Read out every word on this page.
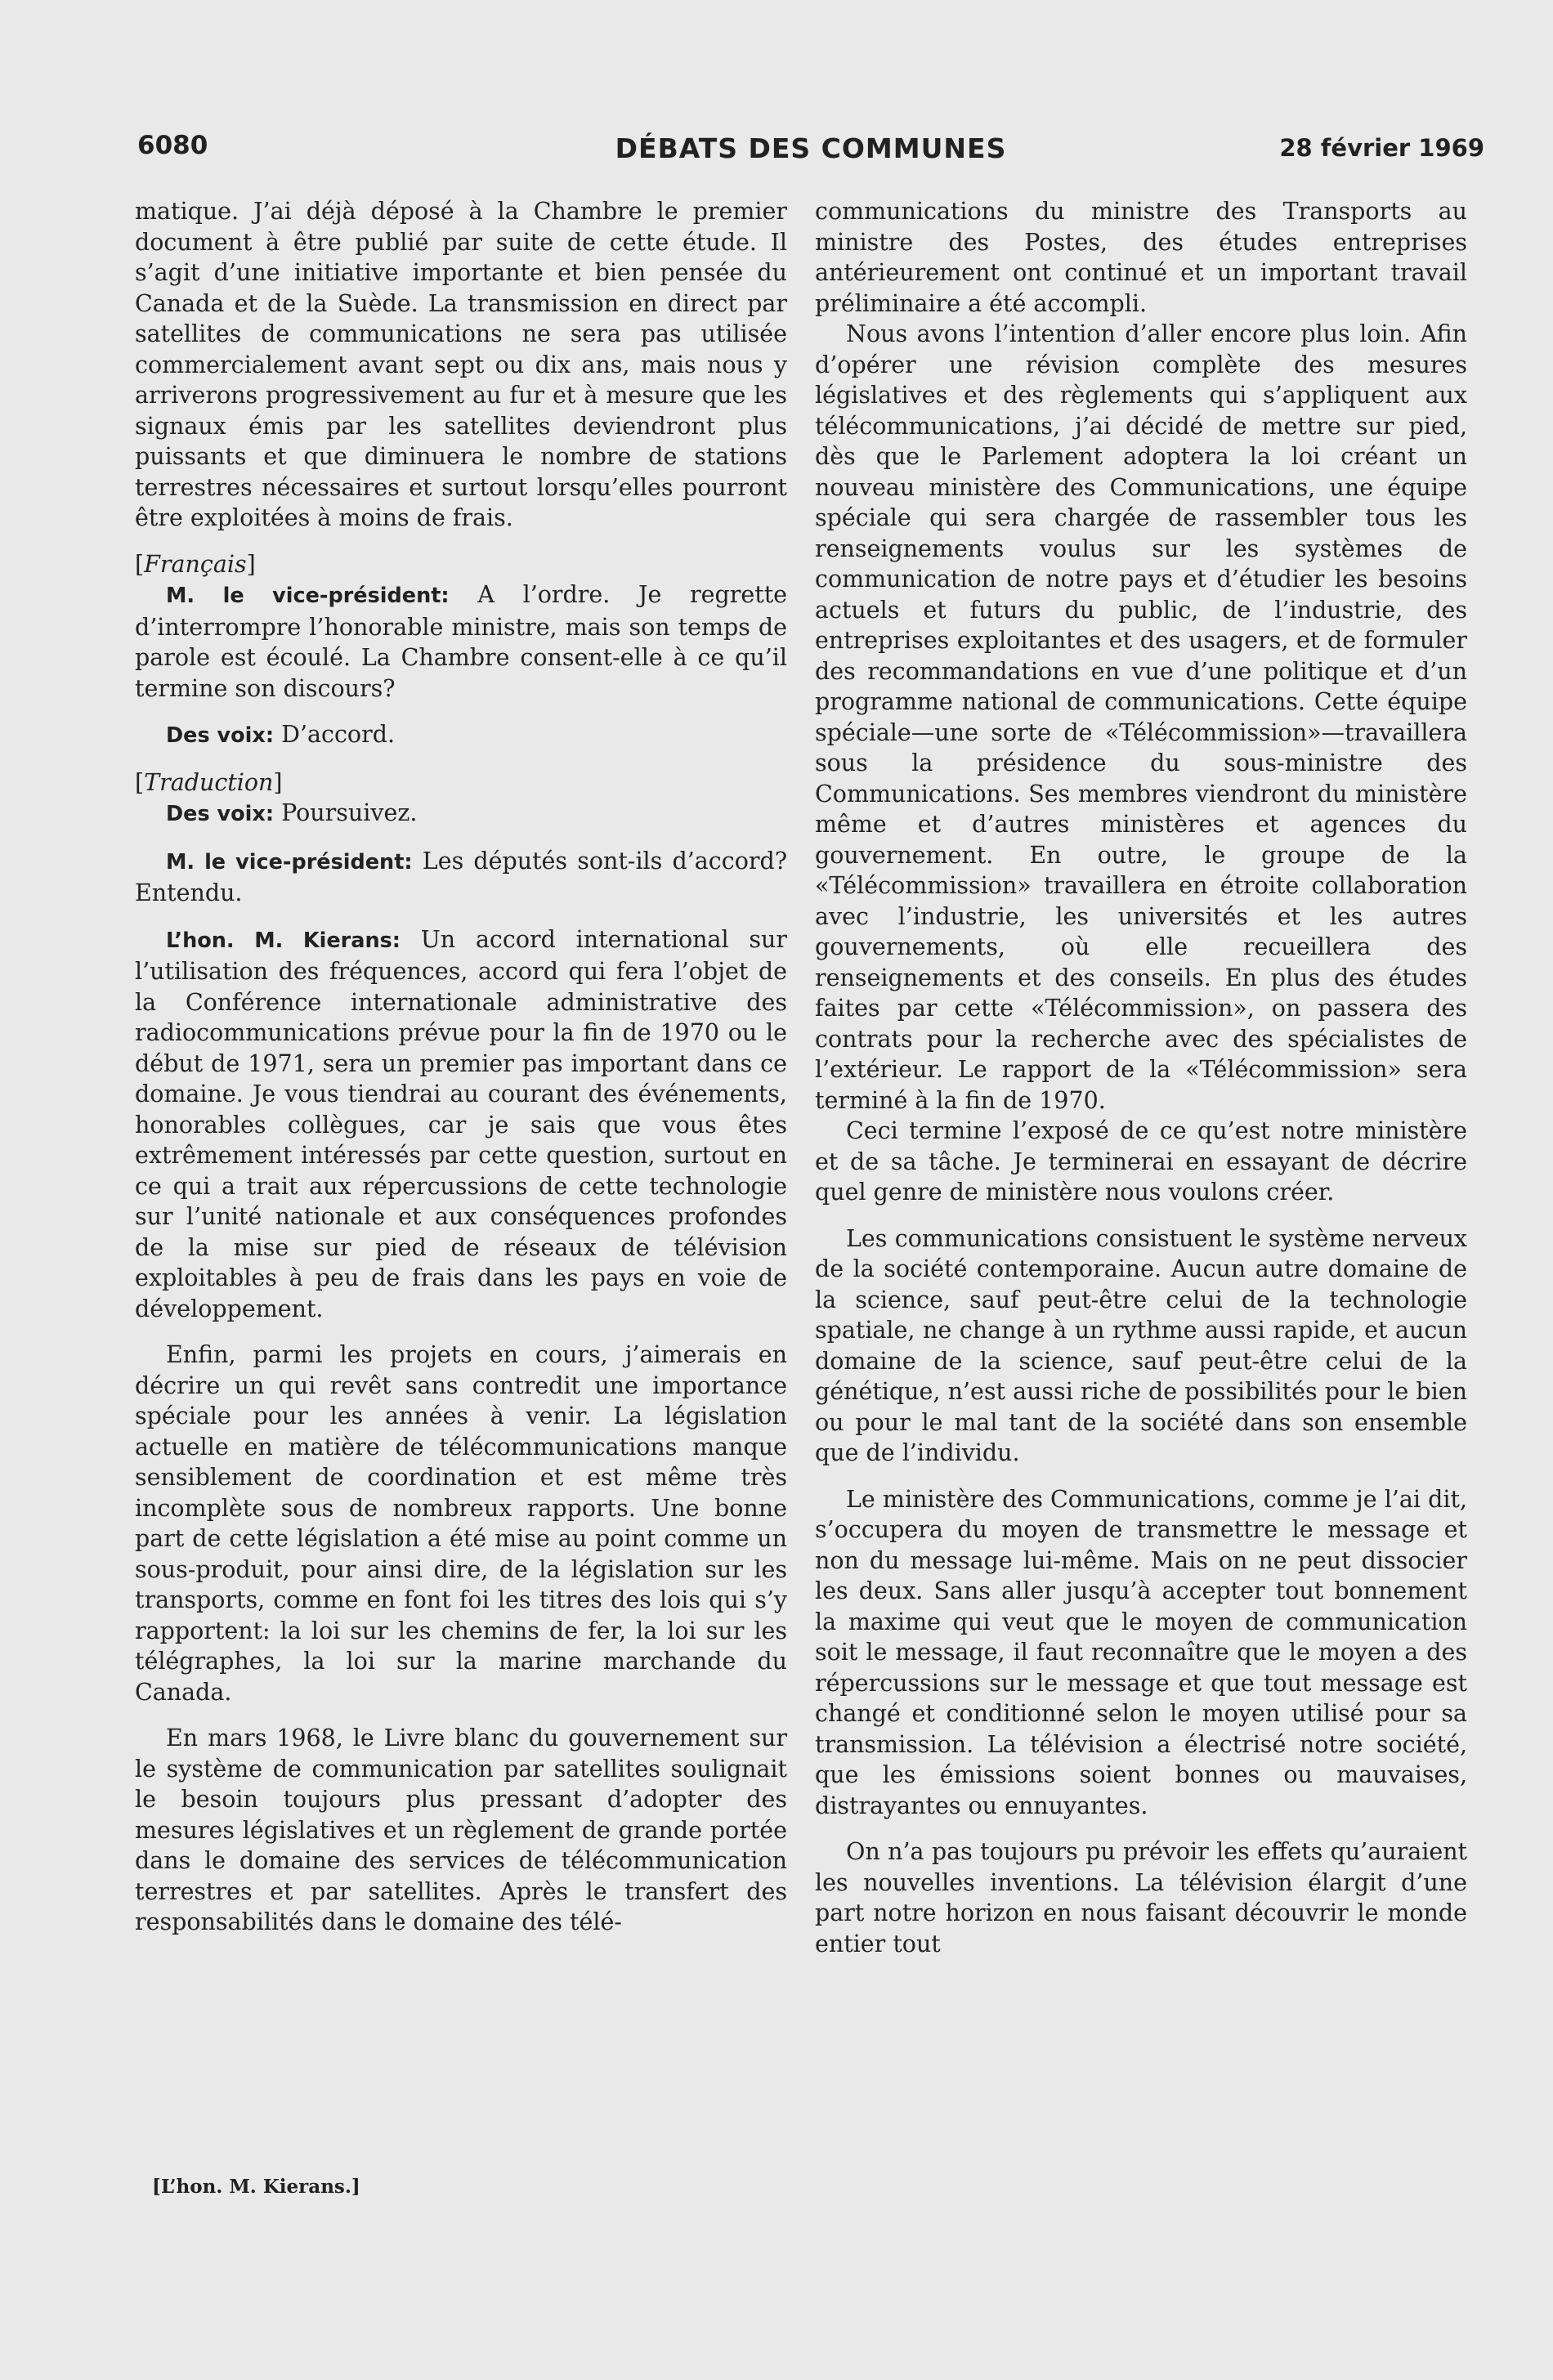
6080	DÉBATS DES COMMUNES	28 février 1969

matique. J’ai déjà déposé à la Chambre le premier document à être publié par suite de cette étude. Il s’agit d’une initiative importante et bien pensée du Canada et de la Suède. La transmission en direct par satellites de communications ne sera pas utilisée commercialement avant sept ou dix ans, mais nous y arriverons progressivement au fur et à mesure que les signaux émis par les satellites deviendront plus puissants et que diminuera le nombre de stations terrestres nécessaires et surtout lorsqu’elles pourront être exploitées à moins de frais.

[Français]

M. le vice-président: A l’ordre. Je regrette d’interrompre l’honorable ministre, mais son temps de parole est écoulé. La Chambre consent-elle à ce qu’il termine son discours?

Des voix: D’accord.

[Traduction]

Des voix: Poursuivez.

M. le vice-président: Les députés sont-ils d’accord? Entendu.

L’hon. M. Kierans: Un accord international sur l’utilisation des fréquences, accord qui fera l’objet de la Conférence internationale administrative des radiocommunications prévue pour la fin de 1970 ou le début de 1971, sera un premier pas important dans ce domaine. Je vous tiendrai au courant des événements, honorables collègues, car je sais que vous êtes extrêmement intéressés par cette question, surtout en ce qui a trait aux répercussions de cette technologie sur l’unité nationale et aux conséquences profondes de la mise sur pied de réseaux de télévision exploitables à peu de frais dans les pays en voie de développement.

Enfin, parmi les projets en cours, j’aimerais en décrire un qui revêt sans contredit une importance spéciale pour les années à venir. La législation actuelle en matière de télécommunications manque sensiblement de coordination et est même très incomplète sous de nombreux rapports. Une bonne part de cette législation a été mise au point comme un sous-produit, pour ainsi dire, de la législation sur les transports, comme en font foi les titres des lois qui s’y rapportent: la loi sur les chemins de fer, la loi sur les télégraphes, la loi sur la marine marchande du Canada.

En mars 1968, le Livre blanc du gouvernement sur le système de communication par satellites soulignait le besoin toujours plus pressant d’adopter des mesures législatives et un règlement de grande portée dans le domaine des services de télécommunication terrestres et par satellites. Après le transfert des responsabilités dans le domaine des télé-

communications du ministre des Transports au ministre des Postes, des études entreprises antérieurement ont continué et un important travail préliminaire a été accompli.

Nous avons l’intention d’aller encore plus loin. Afin d’opérer une révision complète des mesures législatives et des règlements qui s’appliquent aux télécommunications, j’ai décidé de mettre sur pied, dès que le Parlement adoptera la loi créant un nouveau ministère des Communications, une équipe spéciale qui sera chargée de rassembler tous les renseignements voulus sur les systèmes de communication de notre pays et d’étudier les besoins actuels et futurs du public, de l’industrie, des entreprises exploitantes et des usagers, et de formuler des recommandations en vue d’une politique et d’un programme national de communications. Cette équipe spéciale—une sorte de «Télécommission»—travaillera sous la présidence du sous-ministre des Communications. Ses membres viendront du ministère même et d’autres ministères et agences du gouvernement. En outre, le groupe de la «Télécommission» travaillera en étroite collaboration avec l’industrie, les universités et les autres gouvernements, où elle recueillera des renseignements et des conseils. En plus des études faites par cette «Télécommission», on passera des contrats pour la recherche avec des spécialistes de l’extérieur. Le rapport de la «Télécommission» sera terminé à la fin de 1970.

Ceci termine l’exposé de ce qu’est notre ministère et de sa tâche. Je terminerai en essayant de décrire quel genre de ministère nous voulons créer.

Les communications consistuent le système nerveux de la société contemporaine. Aucun autre domaine de la science, sauf peut-être celui de la technologie spatiale, ne change à un rythme aussi rapide, et aucun domaine de la science, sauf peut-être celui de la génétique, n’est aussi riche de possibilités pour le bien ou pour le mal tant de la société dans son ensemble que de l’individu.

Le ministère des Communications, comme je l’ai dit, s’occupera du moyen de transmettre le message et non du message lui-même. Mais on ne peut dissocier les deux. Sans aller jusqu’à accepter tout bonnement la maxime qui veut que le moyen de communication soit le message, il faut reconnaître que le moyen a des répercussions sur le message et que tout message est changé et conditionné selon le moyen utilisé pour sa transmission. La télévision a électrisé notre société, que les émissions soient bonnes ou mauvaises, distrayantes ou ennuyantes.

On n’a pas toujours pu prévoir les effets qu’auraient les nouvelles inventions. La télévision élargit d’une part notre horizon en nous faisant découvrir le monde entier tout

[L’hon. M. Kierans.]
